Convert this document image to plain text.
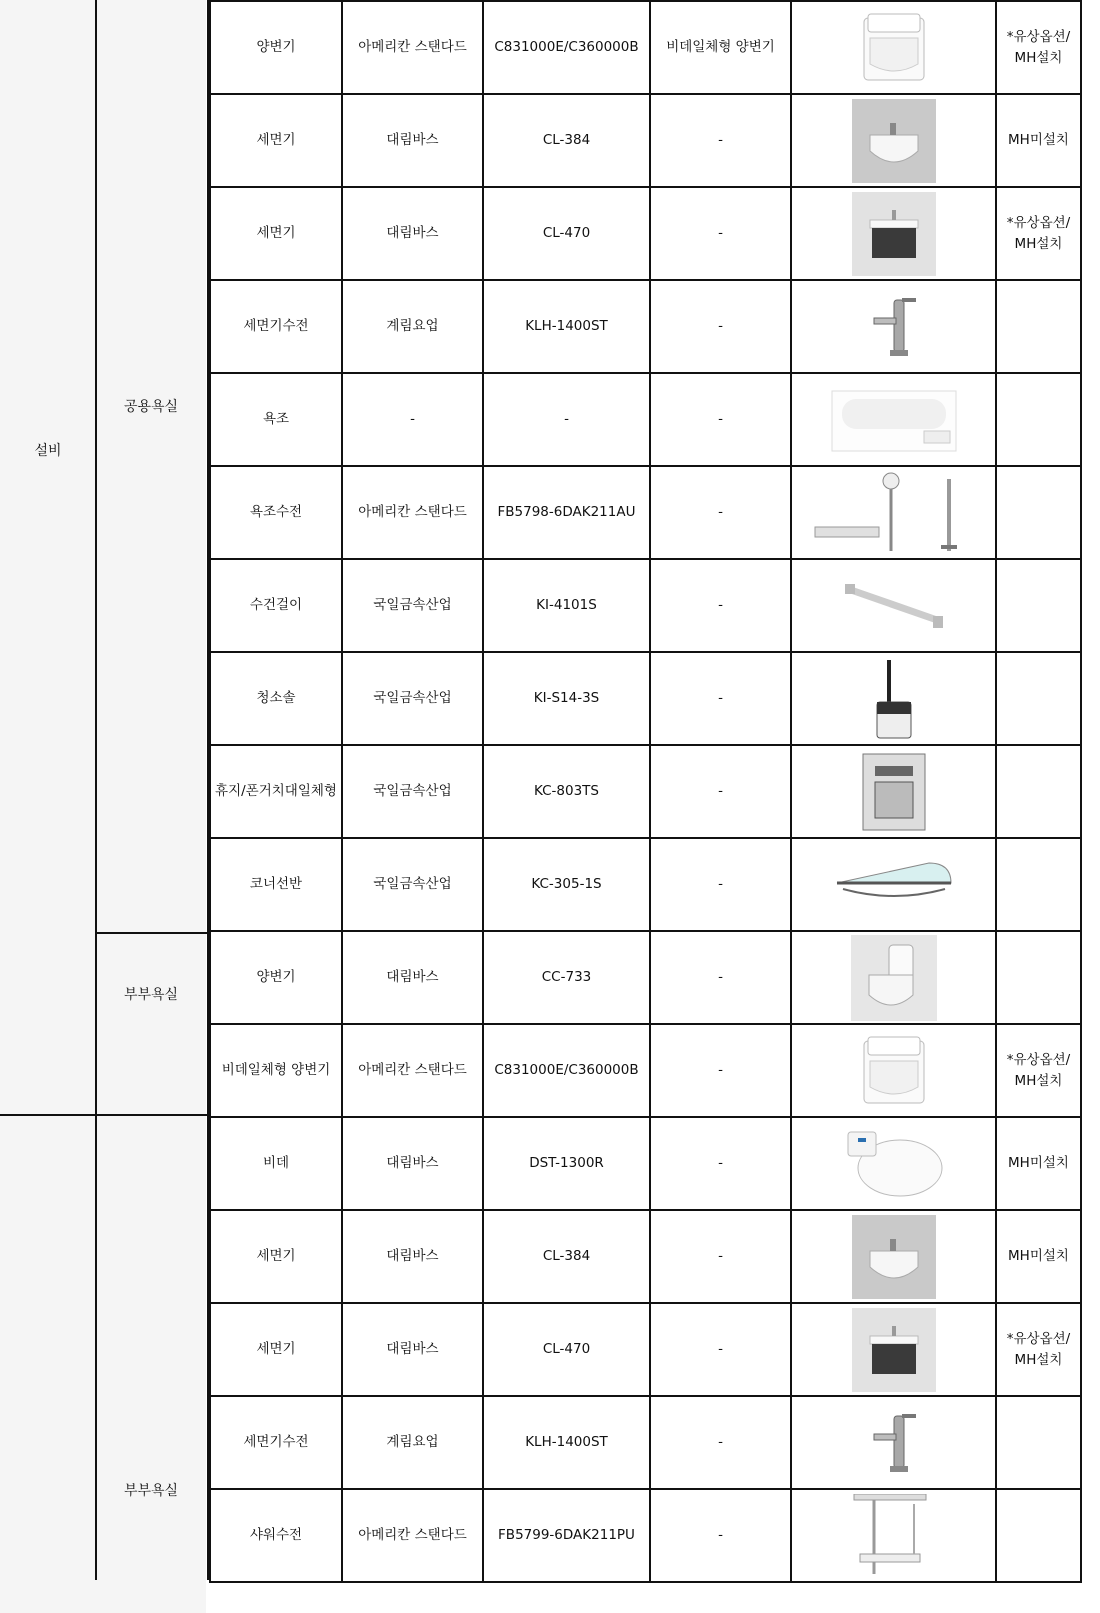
설비
공용욕실
부부욕실
부부욕실
양변기	아메리칸 스탠다드	C831000E/C360000B	비데일체형 양변기		*유상옵션/
MH설치
세면기	대림바스	CL-384	-		MH미설치
세면기	대림바스	CL-470	-		*유상옵션/
MH설치
세면기수전	계림요업	KLH-1400ST	-	

욕조	-	-	-	

욕조수전	아메리칸 스탠다드	FB5798-6DAK211AU	-	

수건걸이	국일금속산업	KI-4101S	-	

청소솔	국일금속산업	KI-S14-3S	-	

휴지/폰거치대일체형	국일금속산업	KC-803TS	-	

코너선반	국일금속산업	KC-305-1S	-	

양변기	대림바스	CC-733	-	

비데일체형 양변기	아메리칸 스탠다드	C831000E/C360000B	-		*유상옵션/
MH설치
비데	대림바스	DST-1300R	-		MH미설치
세면기	대림바스	CL-384	-		MH미설치
세면기	대림바스	CL-470	-		*유상옵션/
MH설치
세면기수전	계림요업	KLH-1400ST	-	

샤워수전	아메리칸 스탠다드	FB5799-6DAK211PU	-	
